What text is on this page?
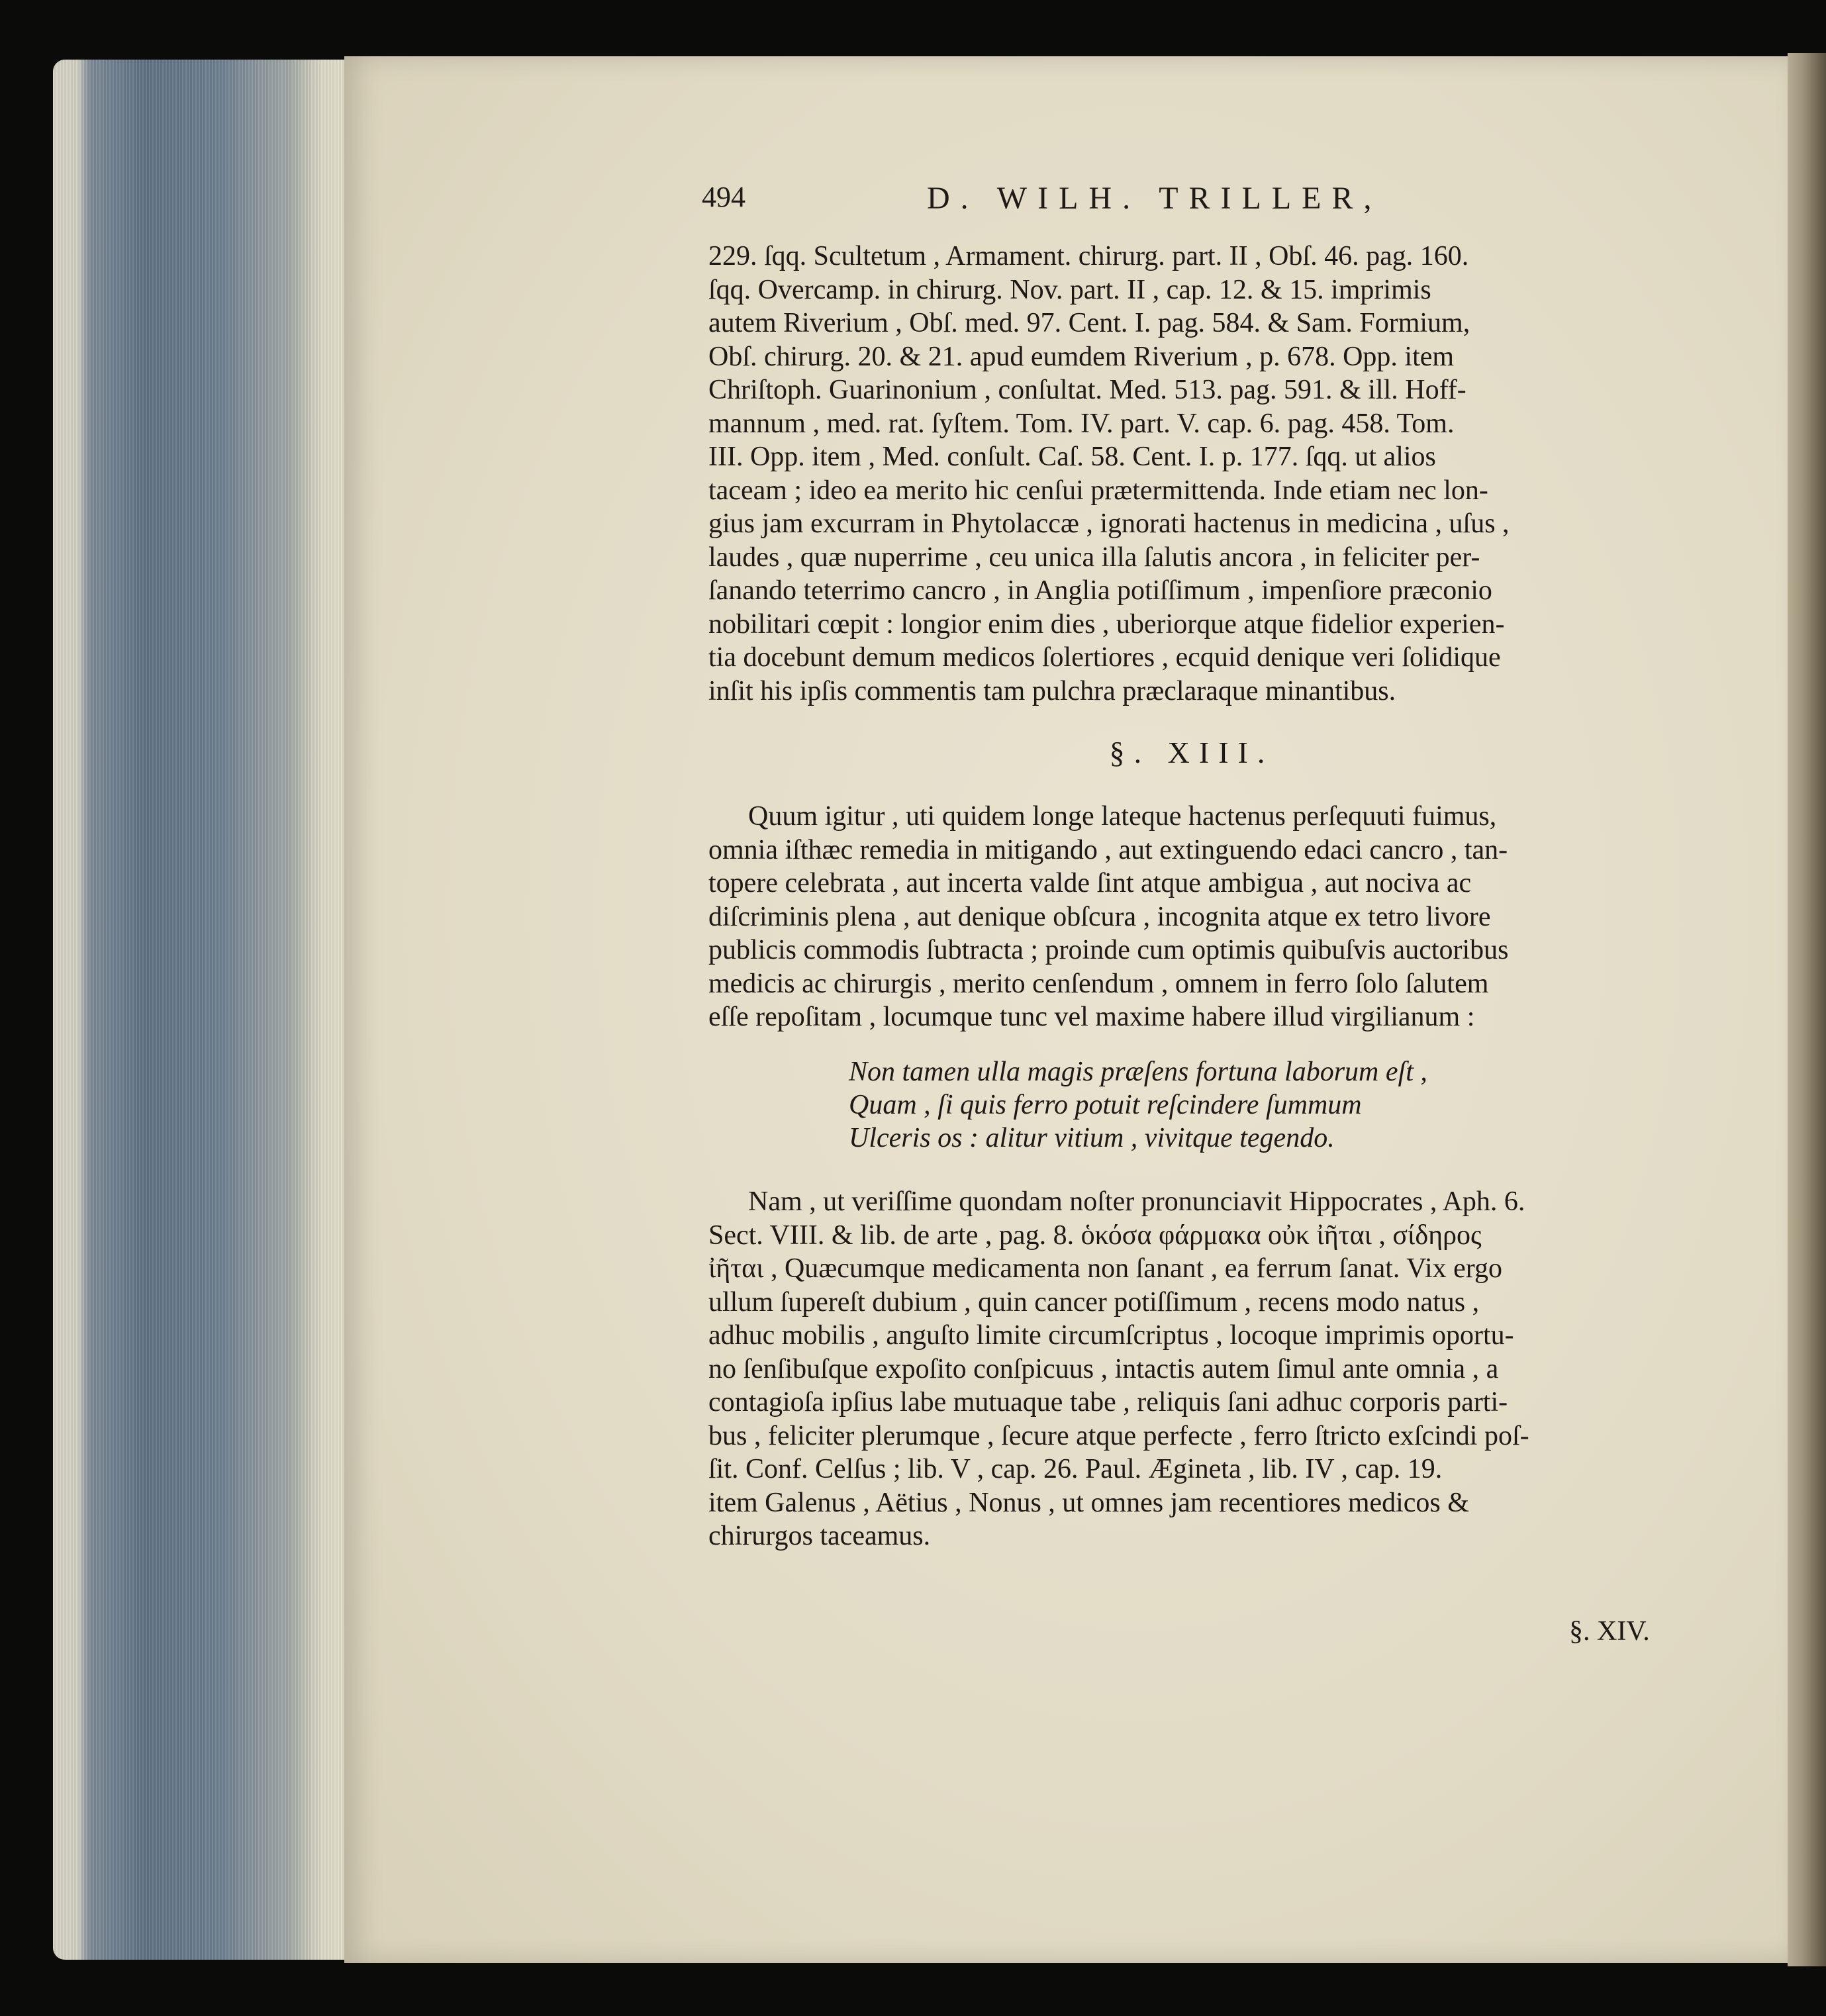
494	D. WILH. TRILLER,
229. ſqq. Scultetum , Armament. chirurg. part. II , Obſ. 46. pag. 160.
ſqq. Overcamp. in chirurg. Nov. part. II , cap. 12. & 15. imprimis
autem Riverium , Obſ. med. 97. Cent. I. pag. 584. & Sam. Formium,
Obſ. chirurg. 20. & 21. apud eumdem Riverium , p. 678. Opp. item
Chriſtoph. Guarinonium , conſultat. Med. 513. pag. 591. & ill. Hoff-
mannum , med. rat. ſyſtem. Tom. IV. part. V. cap. 6. pag. 458. Tom.
III. Opp. item , Med. conſult. Caſ. 58. Cent. I. p. 177. ſqq. ut alios
taceam ; ideo ea merito hic cenſui prætermittenda. Inde etiam nec lon-
gius jam excurram in Phytolaccæ , ignorati hactenus in medicina , uſus ,
laudes , quæ nuperrime , ceu unica illa ſalutis ancora , in feliciter per-
ſanando teterrimo cancro , in Anglia potiſſimum , impenſiore præconio
nobilitari cœpit : longior enim dies , uberiorque atque fidelior experien-
tia docebunt demum medicos ſolertiores , ecquid denique veri ſolidique
inſit his ipſis commentis tam pulchra præclaraque minantibus.
§. XIII.
Quum igitur , uti quidem longe lateque hactenus perſequuti fuimus,
omnia iſthæc remedia in mitigando , aut extinguendo edaci cancro , tan-
topere celebrata , aut incerta valde ſint atque ambigua , aut nociva ac
diſcriminis plena , aut denique obſcura , incognita atque ex tetro livore
publicis commodis ſubtracta ; proinde cum optimis quibuſvis auctoribus
medicis ac chirurgis , merito cenſendum , omnem in ferro ſolo ſalutem
eſſe repoſitam , locumque tunc vel maxime habere illud virgilianum :
Non tamen ulla magis præſens fortuna laborum eſt ,
Quam , ſi quis ferro potuit reſcindere ſummum
Ulceris os : alitur vitium , vivitque tegendo.
Nam , ut veriſſime quondam noſter pronunciavit Hippocrates , Aph. 6.
Sect. VIII. & lib. de arte , pag. 8. ὁκόσα φάρμακα οὐκ ἰῆται , σίδηρος
ἰῆται , Quæcumque medicamenta non ſanant , ea ferrum ſanat. Vix ergo
ullum ſupereſt dubium , quin cancer potiſſimum , recens modo natus ,
adhuc mobilis , anguſto limite circumſcriptus , locoque imprimis oportu-
no ſenſibuſque expoſito conſpicuus , intactis autem ſimul ante omnia , a
contagioſa ipſius labe mutuaque tabe , reliquis ſani adhuc corporis parti-
bus , feliciter plerumque , ſecure atque perfecte , ferro ſtricto exſcindi poſ-
ſit. Conf. Celſus ; lib. V , cap. 26. Paul. Ægineta , lib. IV , cap. 19.
item Galenus , Aëtius , Nonus , ut omnes jam recentiores medicos &
chirurgos taceamus.
§. XIV.
